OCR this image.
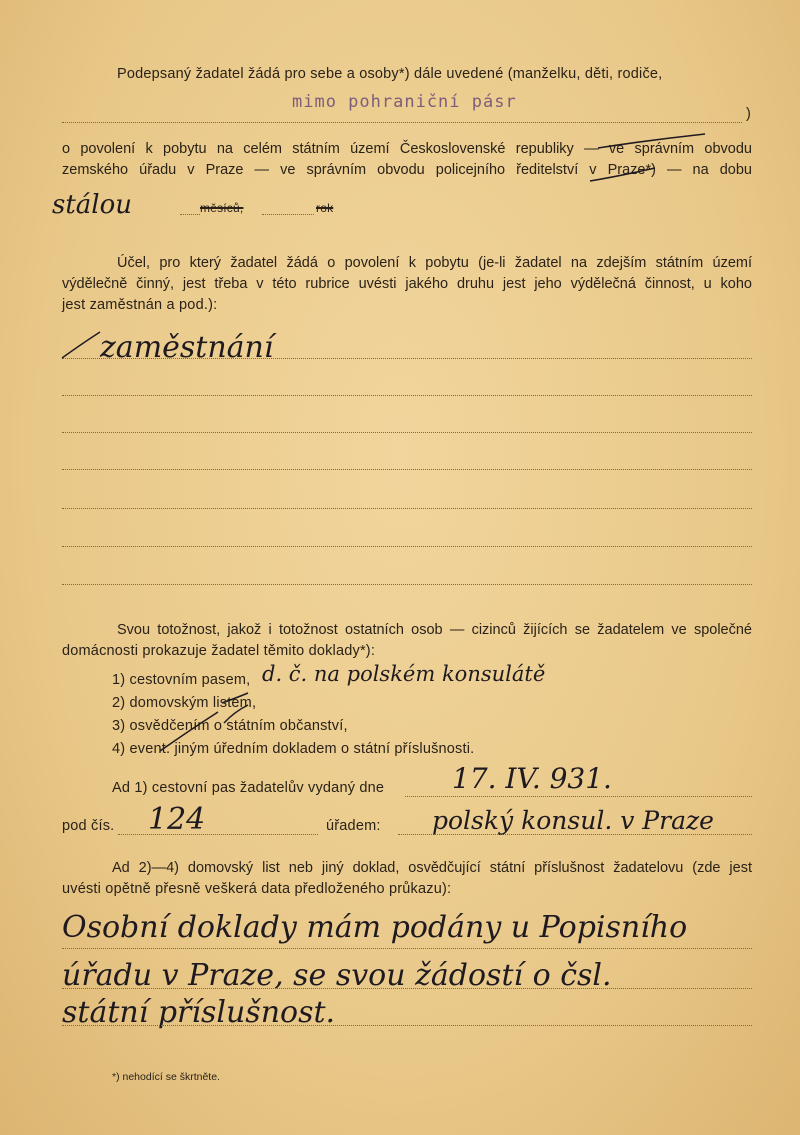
Podepsaný žadatel žádá pro sebe a osoby*) dále uvedené (manželku, děti, rodiče,
mimo pohraniční pásr
)
o povolení k pobytu na celém státním území Československé republiky — ve správním obvodu
zemského úřadu v Praze — ve správním obvodu policejního ředitelství v Praze*) — na dobu
stálou	měsíců,	rok
Účel, pro který žadatel žádá o povolení k pobytu (je-li žadatel na zdejším státním území
výdělečně činný, jest třeba v této rubrice uvésti jakého druhu jest jeho výdělečná činnost, u koho
jest zaměstnán a pod.):
zaměstnání
Svou totožnost, jakož i totožnost ostatních osob — cizinců žijících se žadatelem ve společné
domácnosti prokazuje žadatel těmito doklady*):
1) cestovním pasem, d. č. na polském konsulátě
2) domovským listem,
3) osvědčením o státním občanství,
4) event. jiným úředním dokladem o státní příslušnosti.
Ad 1) cestovní pas žadatelův vydaný dne 17. IV. 931.
pod čís. 124	úřadem: polský konsul. v Praze
Ad 2)—4) domovský list neb jiný doklad, osvědčující státní příslušnost žadatelovu (zde jest
uvésti opětně přesně veškerá data předloženého průkazu):
Osobní doklady mám podány u Popisního
úřadu v Praze, se svou žádostí o čsl.
státní příslušnost.
*) nehodící se škrtněte.
